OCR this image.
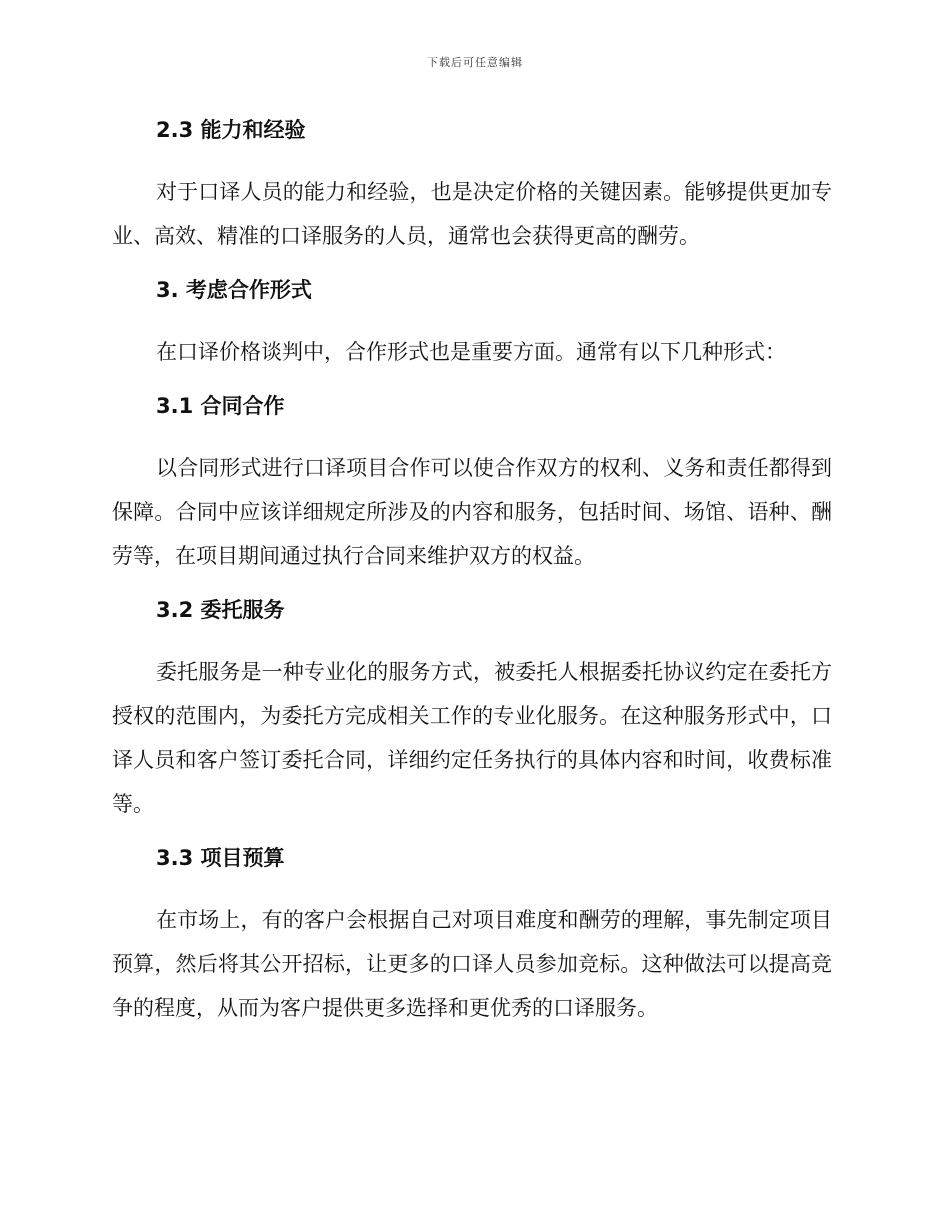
下载后可任意编辑
2.3 能力和经验

对于口译人员的能力和经验，也是决定价格的关键因素。能够提供更加专业、高效、精准的口译服务的人员，通常也会获得更高的酬劳。

3. 考虑合作形式

在口译价格谈判中，合作形式也是重要方面。通常有以下几种形式：

3.1 合同合作

以合同形式进行口译项目合作可以使合作双方的权利、义务和责任都得到保障。合同中应该详细规定所涉及的内容和服务，包括时间、场馆、语种、酬劳等，在项目期间通过执行合同来维护双方的权益。

3.2 委托服务

委托服务是一种专业化的服务方式，被委托人根据委托协议约定在委托方授权的范围内，为委托方完成相关工作的专业化服务。在这种服务形式中，口译人员和客户签订委托合同，详细约定任务执行的具体内容和时间，收费标准等。

3.3 项目预算

在市场上，有的客户会根据自己对项目难度和酬劳的理解，事先制定项目预算，然后将其公开招标，让更多的口译人员参加竞标。这种做法可以提高竞争的程度，从而为客户提供更多选择和更优秀的口译服务。
